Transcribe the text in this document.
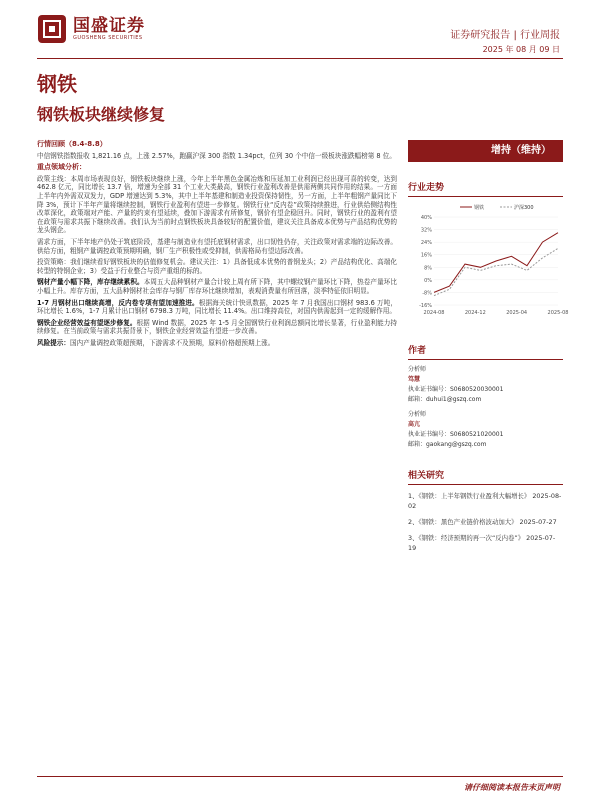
国盛证券
GUOSHENG SECURITIES	证券研究报告 | 行业周报
2025 年 08 月 09 日
钢铁
钢铁板块继续修复

行情回顾（8.4-8.8）

中信钢铁指数报收 1,821.16 点，上涨 2.57%，跑赢沪深 300 指数 1.34pct，位列 30 个中信一级板块涨跌幅榜第 8 位。

重点领域分析：

政策主线：本周市场表现良好，钢铁板块继续上涨，今年上半年黑色金属冶炼和压延加工业利润已经出现可喜的转变，达到 462.8 亿元，同比增长 13.7 倍，增速为全部 31 个工业大类最高，钢铁行业盈利改善是供需两侧共同作用的结果。一方面上半年内外需双双发力，GDP 增速达到 5.3%，其中上半年基建和制造业投资保持韧性，另一方面，上半年粗钢产量同比下降 3%，预计下半年产量将继续控制，钢铁行业盈利有望进一步修复。钢铁行业“反内卷”政策持续推进，行业供给侧结构性改革深化，政策端对产能、产量的约束有望延续，叠加下游需求有所修复，钢价有望企稳回升。同时，钢铁行业的盈利有望在政策与需求共振下继续改善。我们认为当前时点钢铁板块具备较好的配置价值，建议关注具备成本优势与产品结构优势的龙头钢企。

需求方面，下半年地产仍处于筑底阶段，基建与制造业有望托底钢材需求，出口韧性仍存，关注政策对需求端的边际改善。供给方面，粗钢产量调控政策预期明确，钢厂生产积极性或受抑制，供需格局有望边际改善。

投资策略：我们继续看好钢铁板块的估值修复机会。建议关注：1）具备低成本优势的普钢龙头；2）产品结构优化、高端化转型的特钢企业；3）受益于行业整合与资产重组的标的。

钢材产量小幅下降，库存继续累积。本周五大品种钢材产量合计较上周有所下降，其中螺纹钢产量环比下降，热卷产量环比小幅上升。库存方面，五大品种钢材社会库存与钢厂库存环比继续增加，表观消费量有所回落，淡季特征依旧明显。

1-7 月钢材出口继续高增，反内卷专项有望加速推进。根据海关统计快讯数据，2025 年 7 月我国出口钢材 983.6 万吨，环比增长 1.6%，1-7 月累计出口钢材 6798.3 万吨，同比增长 11.4%。出口维持高位，对国内供需起到一定的缓解作用。

钢铁企业经营效益有望逐步修复。根据 Wind 数据，2025 年 1-5 月全国钢铁行业利润总额同比增长显著，行业盈利能力持续修复。在当前政策与需求共振背景下，钢铁企业经营效益有望进一步改善。

风险提示：国内产量调控政策超预期，下游需求不及预期，原料价格超预期上涨。

增持（维持）
行业走势
-16%
-8%
0%
8%
16%
24%
32%
40%
2024-08	2024-12	2025-04	2025-08
钢铁	沪深300
作者
分析师
笃慧
执业证书编号：S0680520030001
邮箱：duhui1@gszq.com
分析师
高亢
执业证书编号：S0680521020001
邮箱：gaokang@gszq.com
相关研究
1、《钢铁：上半年钢铁行业盈利大幅增长》 2025-08-02
2、《钢铁：黑色产业链价格波动加大》 2025-07-27
3、《钢铁：经济预期的再一次“反内卷”》 2025-07-19
请仔细阅读本报告末页声明
